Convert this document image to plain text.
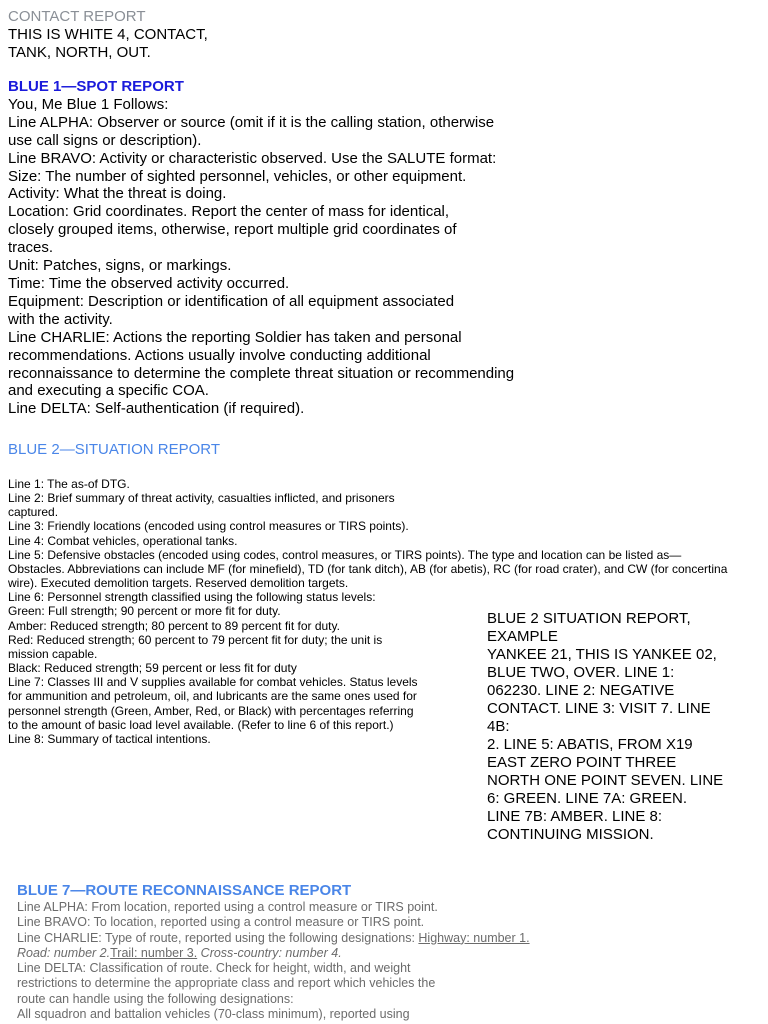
CONTACT REPORT
THIS IS WHITE 4, CONTACT,
TANK, NORTH, OUT.
BLUE 1—SPOT REPORT
You, Me Blue 1 Follows:
Line ALPHA: Observer or source (omit if it is the calling station, otherwise
use call signs or description).
Line BRAVO: Activity or characteristic observed. Use the SALUTE format:
Size: The number of sighted personnel, vehicles, or other equipment.
Activity: What the threat is doing.
Location: Grid coordinates. Report the center of mass for identical,
closely grouped items, otherwise, report multiple grid coordinates of
traces.
Unit: Patches, signs, or markings.
Time: Time the observed activity occurred.
Equipment: Description or identification of all equipment associated
with the activity.
Line CHARLIE: Actions the reporting Soldier has taken and personal
recommendations. Actions usually involve conducting additional
reconnaissance to determine the complete threat situation or recommending
and executing a specific COA.
Line DELTA: Self-authentication (if required).
BLUE 2—SITUATION REPORT
Line 1: The as-of DTG.
Line 2: Brief summary of threat activity, casualties inflicted, and prisoners
captured.
Line 3: Friendly locations (encoded using control measures or TIRS points).
Line 4: Combat vehicles, operational tanks.
Line 5: Defensive obstacles (encoded using codes, control measures, or TIRS points). The type and location can be listed as—
Obstacles. Abbreviations can include MF (for minefield), TD (for tank ditch), AB (for abetis), RC (for road crater), and CW (for concertina
wire). Executed demolition targets. Reserved demolition targets.
Line 6: Personnel strength classified using the following status levels:
Green: Full strength; 90 percent or more fit for duty.
Amber: Reduced strength; 80 percent to 89 percent fit for duty.
Red: Reduced strength; 60 percent to 79 percent fit for duty; the unit is
mission capable.
Black: Reduced strength; 59 percent or less fit for duty
Line 7: Classes III and V supplies available for combat vehicles. Status levels
for ammunition and petroleum, oil, and lubricants are the same ones used for
personnel strength (Green, Amber, Red, or Black) with percentages referring
to the amount of basic load level available. (Refer to line 6 of this report.)
Line 8: Summary of tactical intentions.
BLUE 2 SITUATION REPORT,
EXAMPLE
YANKEE 21, THIS IS YANKEE 02,
BLUE TWO, OVER. LINE 1:
062230. LINE 2: NEGATIVE
CONTACT. LINE 3: VISIT 7. LINE
4B:
2. LINE 5: ABATIS, FROM X19
EAST ZERO POINT THREE
NORTH ONE POINT SEVEN. LINE
6: GREEN. LINE 7A: GREEN.
LINE 7B: AMBER. LINE 8:
CONTINUING MISSION.
BLUE 7—ROUTE RECONNAISSANCE REPORT
Line ALPHA: From location, reported using a control measure or TIRS point.
Line BRAVO: To location, reported using a control measure or TIRS point.
Line CHARLIE: Type of route, reported using the following designations: Highway: number 1.
Road: number 2.Trail: number 3. Cross-country: number 4.
Line DELTA: Classification of route. Check for height, width, and weight
restrictions to determine the appropriate class and report which vehicles the
route can handle using the following designations:
All squadron and battalion vehicles (70-class minimum), reported using
